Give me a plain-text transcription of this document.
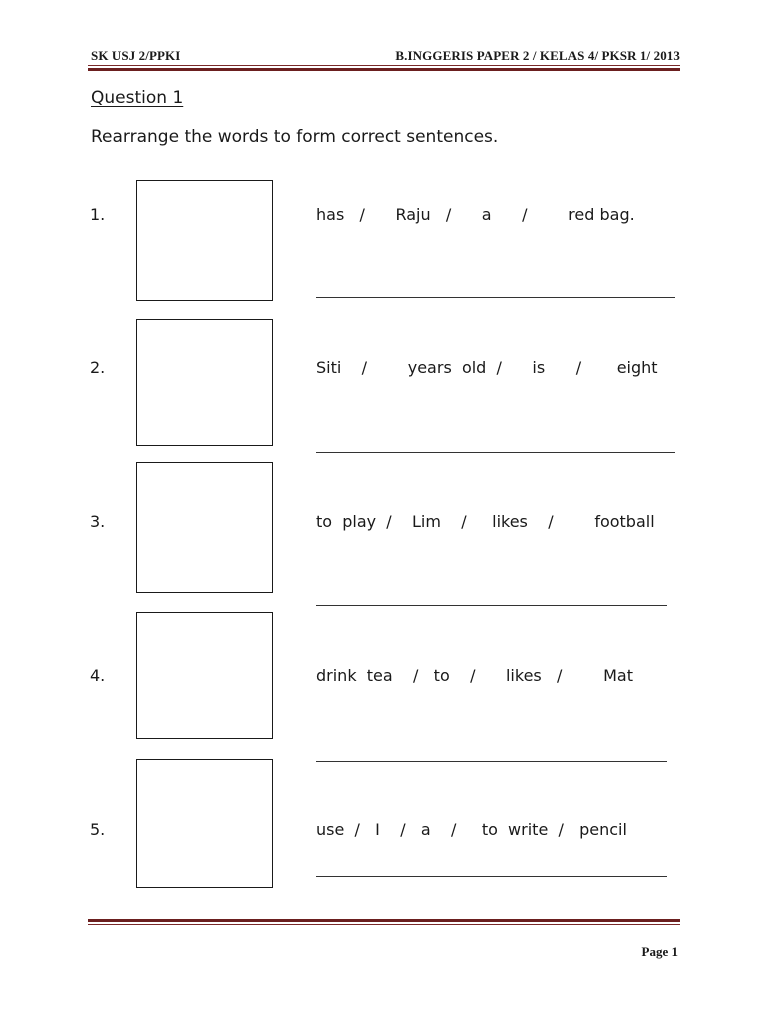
SK USJ 2/PPKI	B.INGGERIS PAPER 2 / KELAS 4/ PKSR 1/ 2013
Question 1
Rearrange the words to form correct sentences.
1.	has   /      Raju   /      a      /        red bag.
2.	Siti    /        years  old  /      is      /       eight
3.	to  play  /    Lim    /     likes    /        football
4.	drink  tea    /   to    /      likes   /        Mat
5.	use  /   I    /   a    /     to  write  /   pencil
Page 1
